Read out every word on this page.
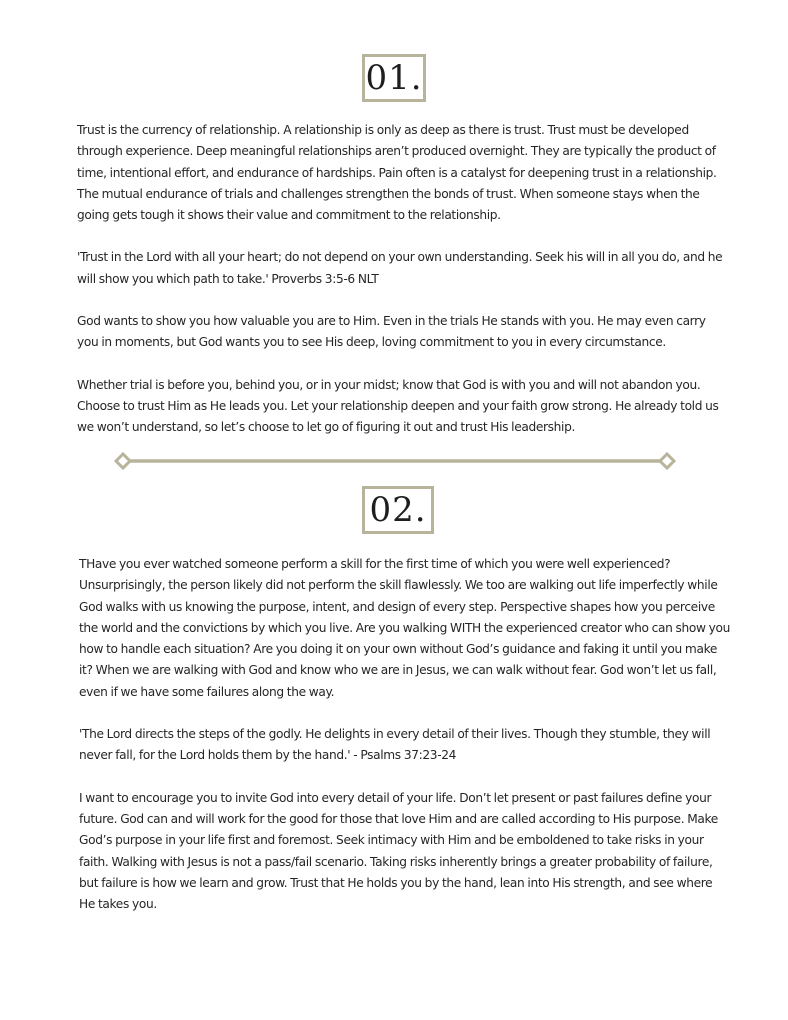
01.

Trust is the currency of relationship. A relationship is only as deep as there is trust. Trust must be developed through experience. Deep meaningful relationships aren’t produced overnight. They are typically the product of time, intentional effort, and endurance of hardships. Pain often is a catalyst for deepening trust in a relationship. The mutual endurance of trials and challenges strengthen the bonds of trust. When someone stays when the going gets tough it shows their value and commitment to the relationship.

'Trust in the Lord with all your heart; do not depend on your own understanding. Seek his will in all you do, and he will show you which path to take.' Proverbs 3:5-6 NLT

God wants to show you how valuable you are to Him. Even in the trials He stands with you. He may even carry you in moments, but God wants you to see His deep, loving commitment to you in every circumstance.

Whether trial is before you, behind you, or in your midst; know that God is with you and will not abandon you. Choose to trust Him as He leads you. Let your relationship deepen and your faith grow strong. He already told us we won’t understand, so let’s choose to let go of figuring it out and trust His leadership.

02.

THave you ever watched someone perform a skill for the first time of which you were well experienced? Unsurprisingly, the person likely did not perform the skill flawlessly. We too are walking out life imperfectly while God walks with us knowing the purpose, intent, and design of every step. Perspective shapes how you perceive the world and the convictions by which you live. Are you walking WITH the experienced creator who can show you how to handle each situation? Are you doing it on your own without God’s guidance and faking it until you make it? When we are walking with God and know who we are in Jesus, we can walk without fear. God won’t let us fall, even if we have some failures along the way.

'The Lord directs the steps of the godly. He delights in every detail of their lives. Though they stumble, they will never fall, for the Lord holds them by the hand.' - Psalms 37:23-24

I want to encourage you to invite God into every detail of your life. Don’t let present or past failures define your future. God can and will work for the good for those that love Him and are called according to His purpose. Make God’s purpose in your life first and foremost. Seek intimacy with Him and be emboldened to take risks in your faith. Walking with Jesus is not a pass/fail scenario. Taking risks inherently brings a greater probability of failure, but failure is how we learn and grow. Trust that He holds you by the hand, lean into His strength, and see where He takes you.
